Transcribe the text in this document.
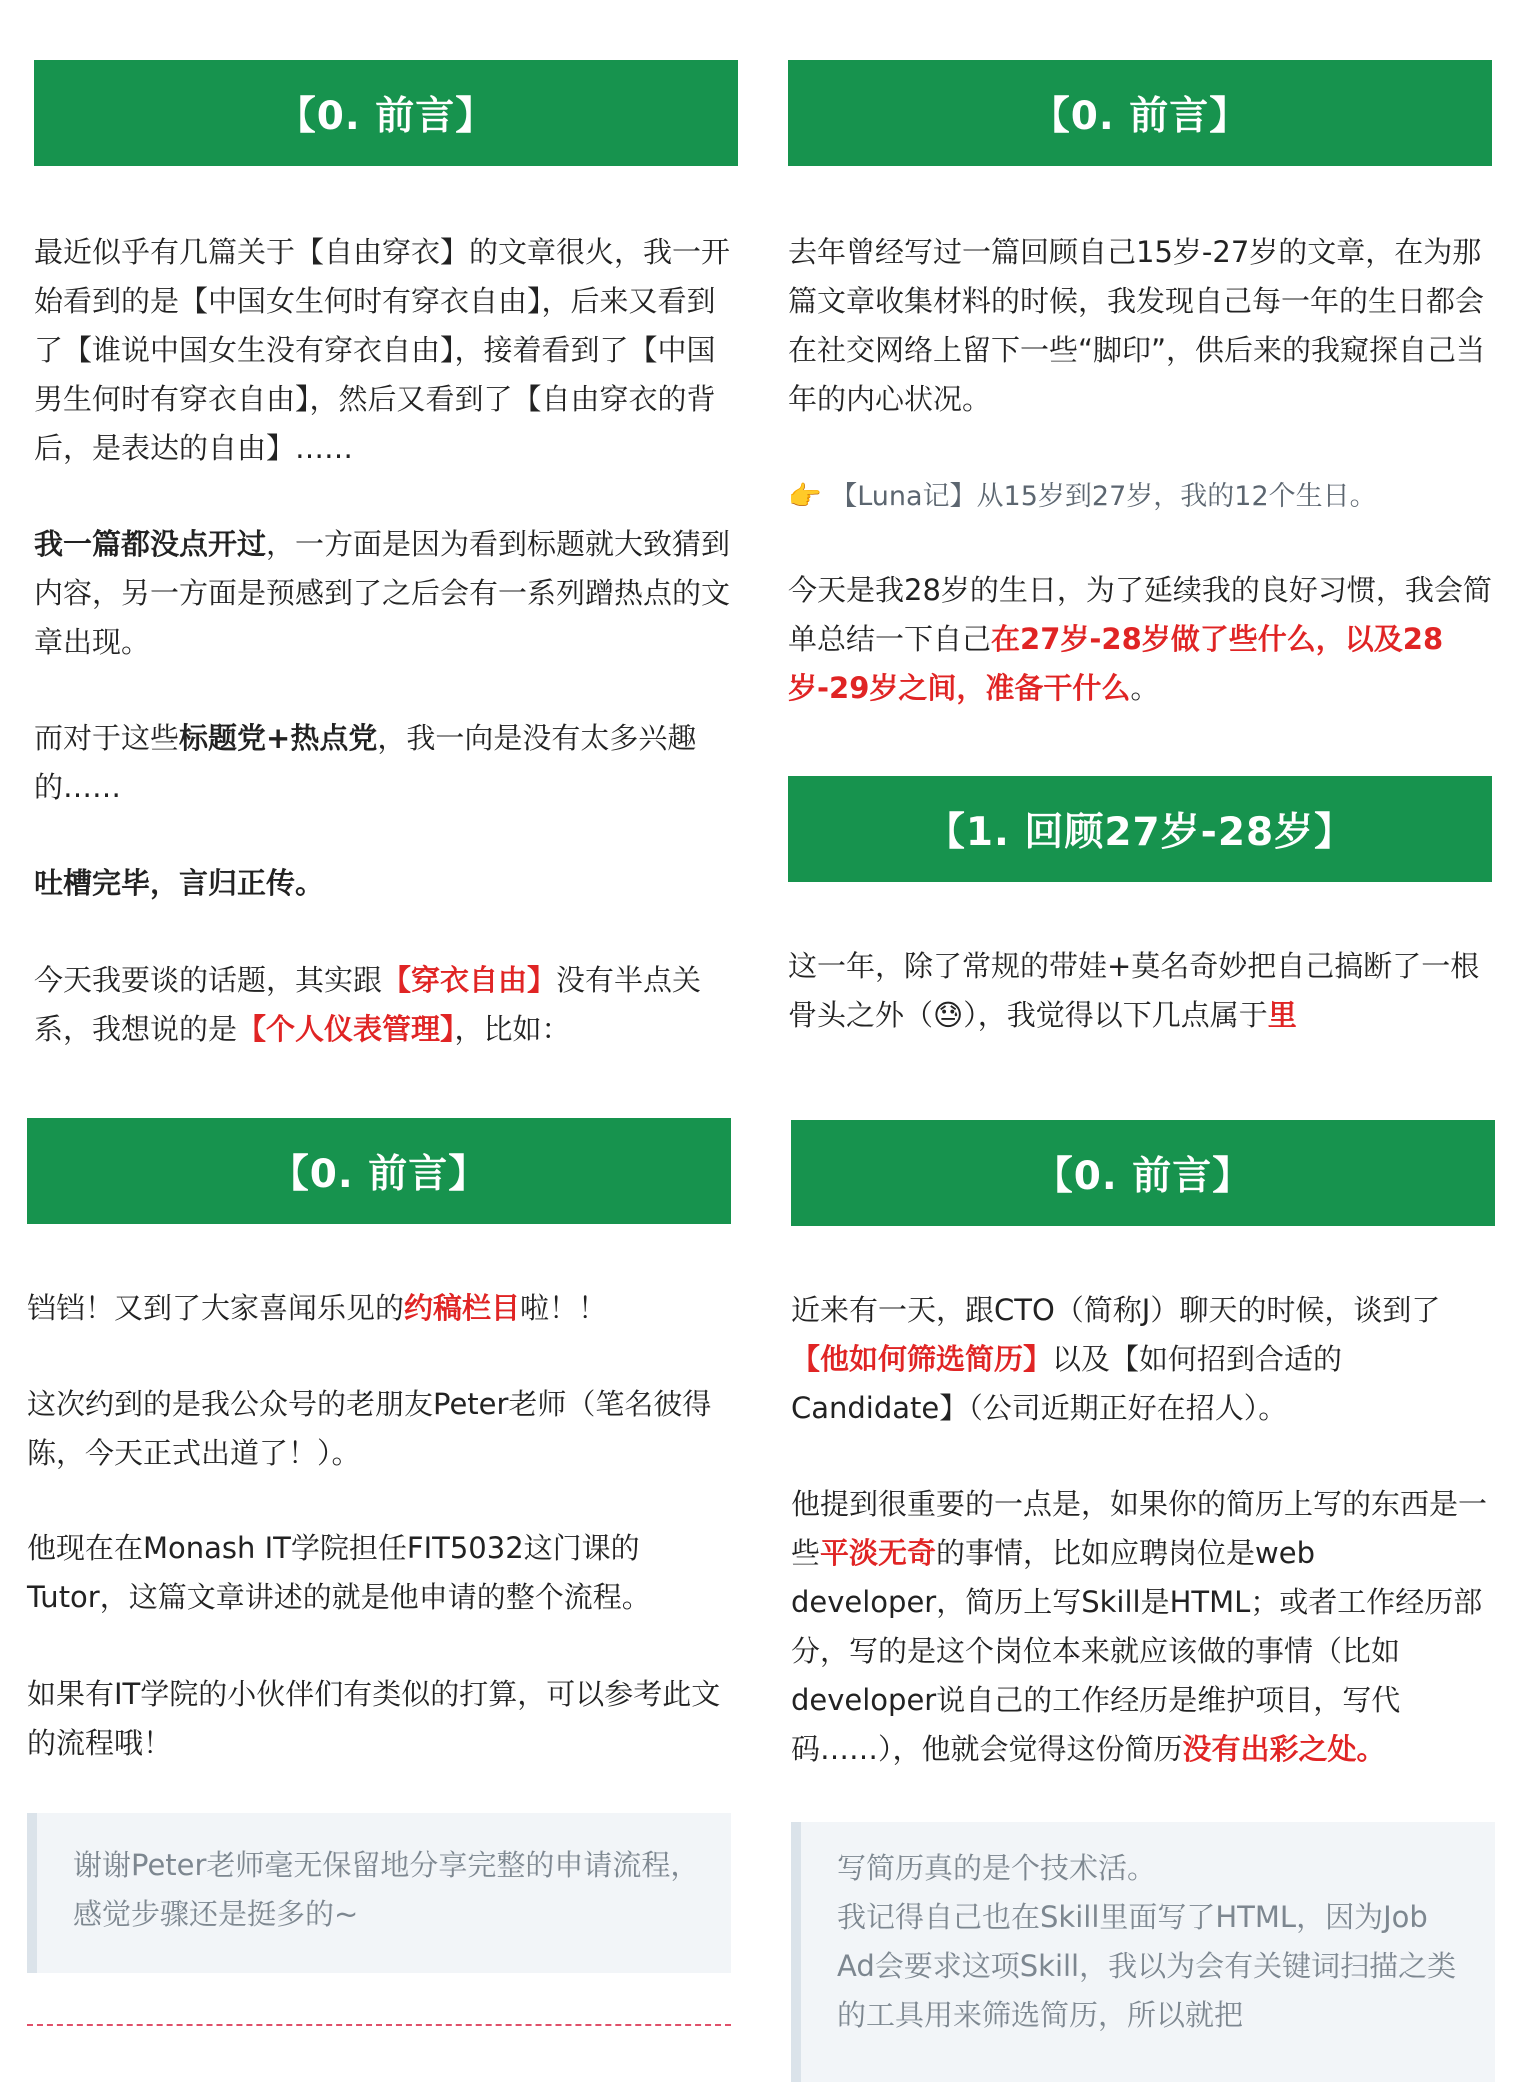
【0. 前言】

最近似乎有几篇关于【自由穿衣】的文章很火，我一开始看到的是【中国女生何时有穿衣自由】，后来又看到了【谁说中国女生没有穿衣自由】，接着看到了【中国男生何时有穿衣自由】，然后又看到了【自由穿衣的背后，是表达的自由】……

我一篇都没点开过，一方面是因为看到标题就大致猜到内容，另一方面是预感到了之后会有一系列蹭热点的文章出现。

而对于这些标题党+热点党，我一向是没有太多兴趣的……

吐槽完毕，言归正传。

今天我要谈的话题，其实跟【穿衣自由】没有半点关系，我想说的是【个人仪表管理】，比如：

【0. 前言】

去年曾经写过一篇回顾自己15岁-27岁的文章，在为那篇文章收集材料的时候，我发现自己每一年的生日都会在社交网络上留下一些“脚印”，供后来的我窥探自己当年的内心状况。

👉 【Luna记】从15岁到27岁，我的12个生日。

今天是我28岁的生日，为了延续我的良好习惯，我会简单总结一下自己在27岁-28岁做了些什么，以及28岁-29岁之间，准备干什么。

【1. 回顾27岁-28岁】

这一年，除了常规的带娃+莫名奇妙把自己搞断了一根骨头之外（😓），我觉得以下几点属于里

【0. 前言】

铛铛！又到了大家喜闻乐见的约稿栏目啦！！

这次约到的是我公众号的老朋友Peter老师（笔名彼得陈，今天正式出道了！）。

他现在在Monash IT学院担任FIT5032这门课的Tutor，这篇文章讲述的就是他申请的整个流程。

如果有IT学院的小伙伴们有类似的打算，可以参考此文的流程哦！

谢谢Peter老师毫无保留地分享完整的申请流程，感觉步骤还是挺多的~
【0. 前言】

近来有一天，跟CTO（简称J）聊天的时候，谈到了【他如何筛选简历】以及【如何招到合适的Candidate】（公司近期正好在招人）。

他提到很重要的一点是，如果你的简历上写的东西是一些平淡无奇的事情，比如应聘岗位是web developer，简历上写Skill是HTML；或者工作经历部分，写的是这个岗位本来就应该做的事情（比如developer说自己的工作经历是维护项目，写代码……），他就会觉得这份简历没有出彩之处。

写简历真的是个技术活。
我记得自己也在Skill里面写了HTML，因为Job Ad会要求这项Skill，我以为会有关键词扫描之类的工具用来筛选简历，所以就把
